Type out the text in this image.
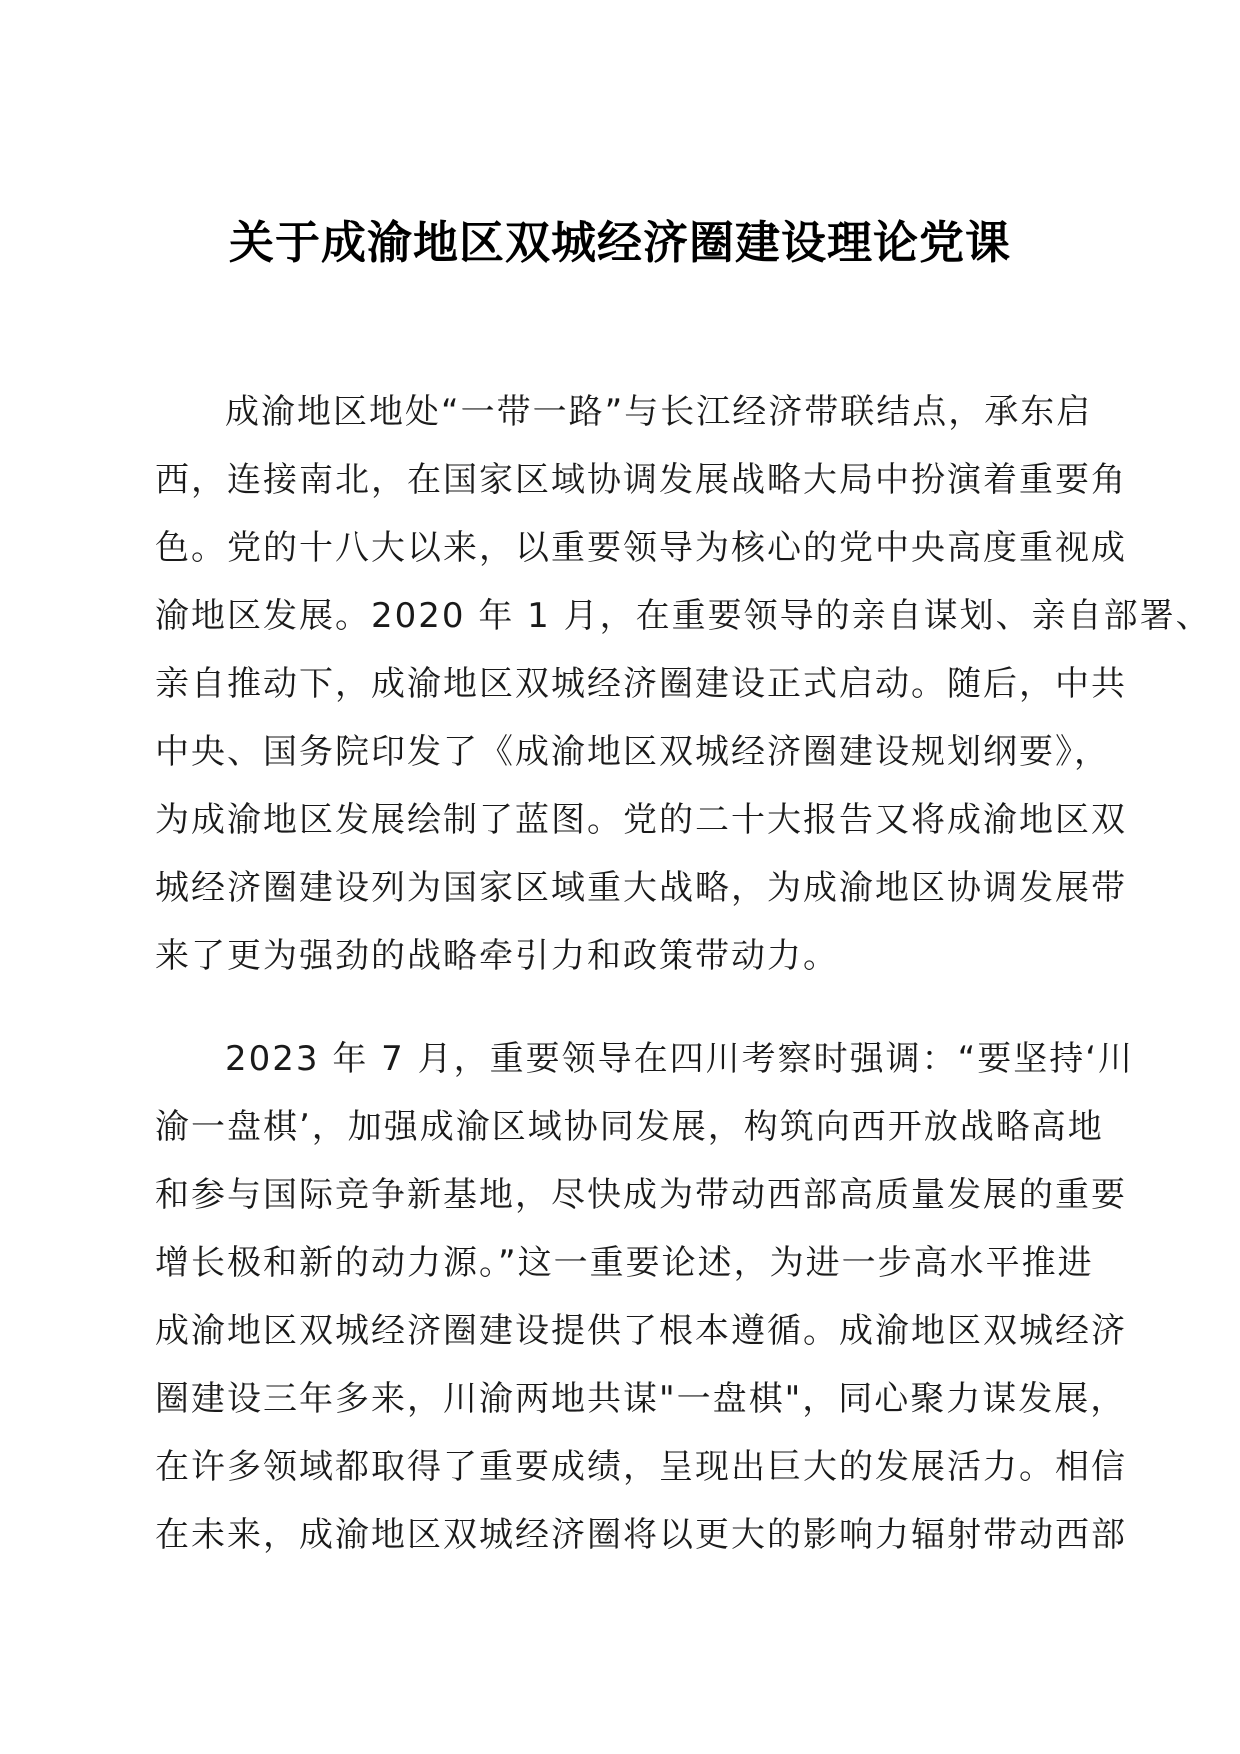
关于成渝地区双城经济圈建设理论党课
成渝地区地处“一带一路”与长江经济带联结点，承东启
西，连接南北，在国家区域协调发展战略大局中扮演着重要角
色。党的十八大以来，以重要领导为核心的党中央高度重视成
渝地区发展。2020 年 1 月，在重要领导的亲自谋划、亲自部署、
亲自推动下，成渝地区双城经济圈建设正式启动。随后，中共
中央、国务院印发了《成渝地区双城经济圈建设规划纲要》，
为成渝地区发展绘制了蓝图。党的二十大报告又将成渝地区双
城经济圈建设列为国家区域重大战略，为成渝地区协调发展带
来了更为强劲的战略牵引力和政策带动力。
2023 年 7 月，重要领导在四川考察时强调：“要坚持‘川
渝一盘棋’，加强成渝区域协同发展，构筑向西开放战略高地
和参与国际竞争新基地，尽快成为带动西部高质量发展的重要
增长极和新的动力源。”这一重要论述，为进一步高水平推进
成渝地区双城经济圈建设提供了根本遵循。成渝地区双城经济
圈建设三年多来，川渝两地共谋"一盘棋"，同心聚力谋发展，
在许多领域都取得了重要成绩，呈现出巨大的发展活力。相信
在未来，成渝地区双城经济圈将以更大的影响力辐射带动西部
